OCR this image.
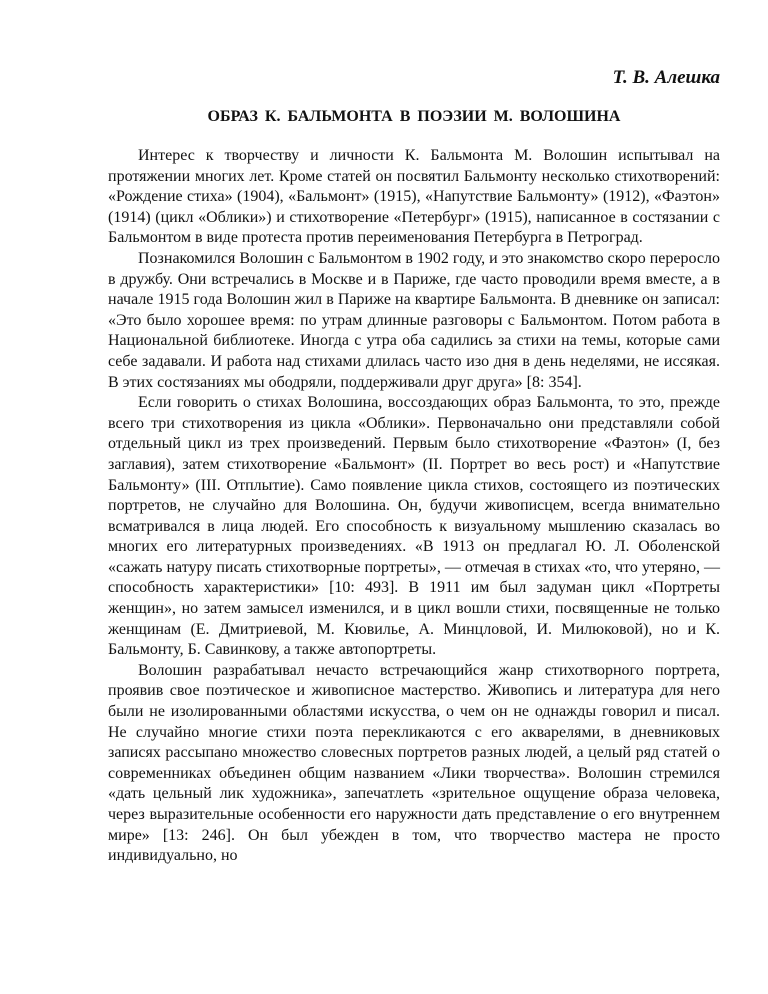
Т. В. Алешка
ОБРАЗ К. БАЛЬМОНТА В ПОЭЗИИ М. ВОЛОШИНА

Интерес к творчеству и личности К. Бальмонта М. Волошин испытывал на протяжении многих лет. Кроме статей он посвятил Бальмонту несколько стихотворений: «Рождение стиха» (1904), «Бальмонт» (1915), «Напутствие Бальмонту» (1912), «Фаэтон» (1914) (цикл «Облики») и стихотворение «Петербург» (1915), написанное в состязании с Бальмонтом в виде протеста против переименования Петербурга в Петроград.

Познакомился Волошин с Бальмонтом в 1902 году, и это знакомство скоро переросло в дружбу. Они встречались в Москве и в Париже, где часто проводили время вместе, а в начале 1915 года Волошин жил в Париже на квартире Бальмонта. В дневнике он записал: «Это было хорошее время: по утрам длинные разговоры с Бальмонтом. Потом работа в Национальной библиотеке. Иногда с утра оба садились за стихи на темы, которые сами себе задавали. И работа над стихами длилась часто изо дня в день неделями, не иссякая. В этих состязаниях мы ободряли, поддерживали друг друга» [8: 354].

Если говорить о стихах Волошина, воссоздающих образ Бальмонта, то это, прежде всего три стихотворения из цикла «Облики». Первоначально они представляли собой отдельный цикл из трех произведений. Первым было стихотворение «Фаэтон» (I, без заглавия), затем стихотворение «Бальмонт» (II. Портрет во весь рост) и «Напутствие Бальмонту» (III. Отплытие). Само появление цикла стихов, состоящего из поэтических портретов, не случайно для Волошина. Он, будучи живописцем, всегда внимательно всматривался в лица людей. Его способность к визуальному мышлению сказалась во многих его литературных произведениях. «В 1913 он предлагал Ю. Л. Оболенской «сажать натуру писать стихотворные портреты», — отмечая в стихах «то, что утеряно, — способность характеристики» [10: 493]. В 1911 им был задуман цикл «Портреты женщин», но затем замысел изменился, и в цикл вошли стихи, посвященные не только женщинам (Е. Дмитриевой, М. Кювилье, А. Минцловой, И. Милюковой), но и К. Бальмонту, Б. Савинкову, а также автопортреты.

Волошин разрабатывал нечасто встречающийся жанр стихотворного портрета, проявив свое поэтическое и живописное мастерство. Живопись и литература для него были не изолированными областями искусства, о чем он не однажды говорил и писал. Не случайно многие стихи поэта перекликаются с его акварелями, в дневниковых записях рассыпано множество словесных портретов разных людей, а целый ряд статей о современниках объединен общим названием «Лики творчества». Волошин стремился «дать цельный лик художника», запечатлеть «зрительное ощущение образа человека, через выразительные особенности его наружности дать представление о его внутреннем мире» [13: 246]. Он был убежден в том, что творчество мастера не просто индивидуально, но
